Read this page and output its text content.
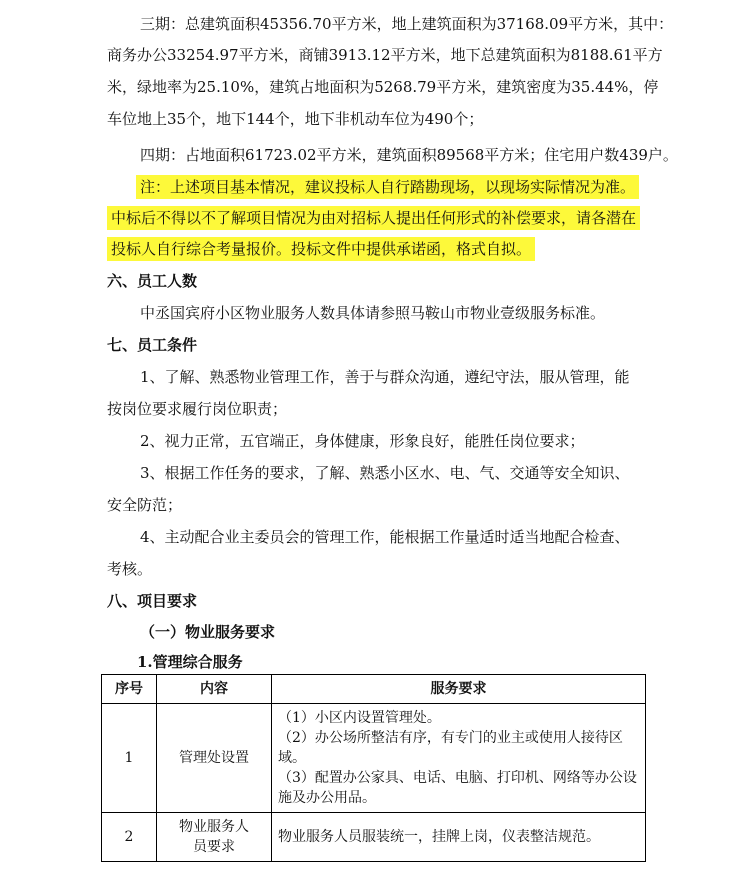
三期：总建筑面积45356.70平方米，地上建筑面积为37168.09平方米，其中：
商务办公33254.97平方米，商铺3913.12平方米，地下总建筑面积为8188.61平方
米，绿地率为25.10%，建筑占地面积为5268.79平方米，建筑密度为35.44%，停
车位地上35个，地下144个，地下非机动车位为490个；
四期：占地面积61723.02平方米，建筑面积89568平方米；住宅用户数439户。
注：上述项目基本情况，建议投标人自行踏勘现场，以现场实际情况为准。
中标后不得以不了解项目情况为由对招标人提出任何形式的补偿要求，请各潜在
投标人自行综合考量报价。投标文件中提供承诺函，格式自拟。
六、员工人数
中丞国宾府小区物业服务人数具体请参照马鞍山市物业壹级服务标准。
七、员工条件
1、了解、熟悉物业管理工作，善于与群众沟通，遵纪守法，服从管理，能
按岗位要求履行岗位职责；
2、视力正常，五官端正，身体健康，形象良好，能胜任岗位要求；
3、根据工作任务的要求，了解、熟悉小区水、电、气、交通等安全知识、
安全防范；
4、主动配合业主委员会的管理工作，能根据工作量适时适当地配合检查、
考核。
八、项目要求
（一）物业服务要求
1.管理综合服务
序号	内容	服务要求
1	管理处设置	（1）小区内设置管理处。
（2）办公场所整洁有序，有专门的业主或使用人接待区域。
（3）配置办公家具、电话、电脑、打印机、网络等办公设施及办公用品。

2	物业服务人员要求	物业服务人员服装统一，挂牌上岗，仪表整洁规范。
